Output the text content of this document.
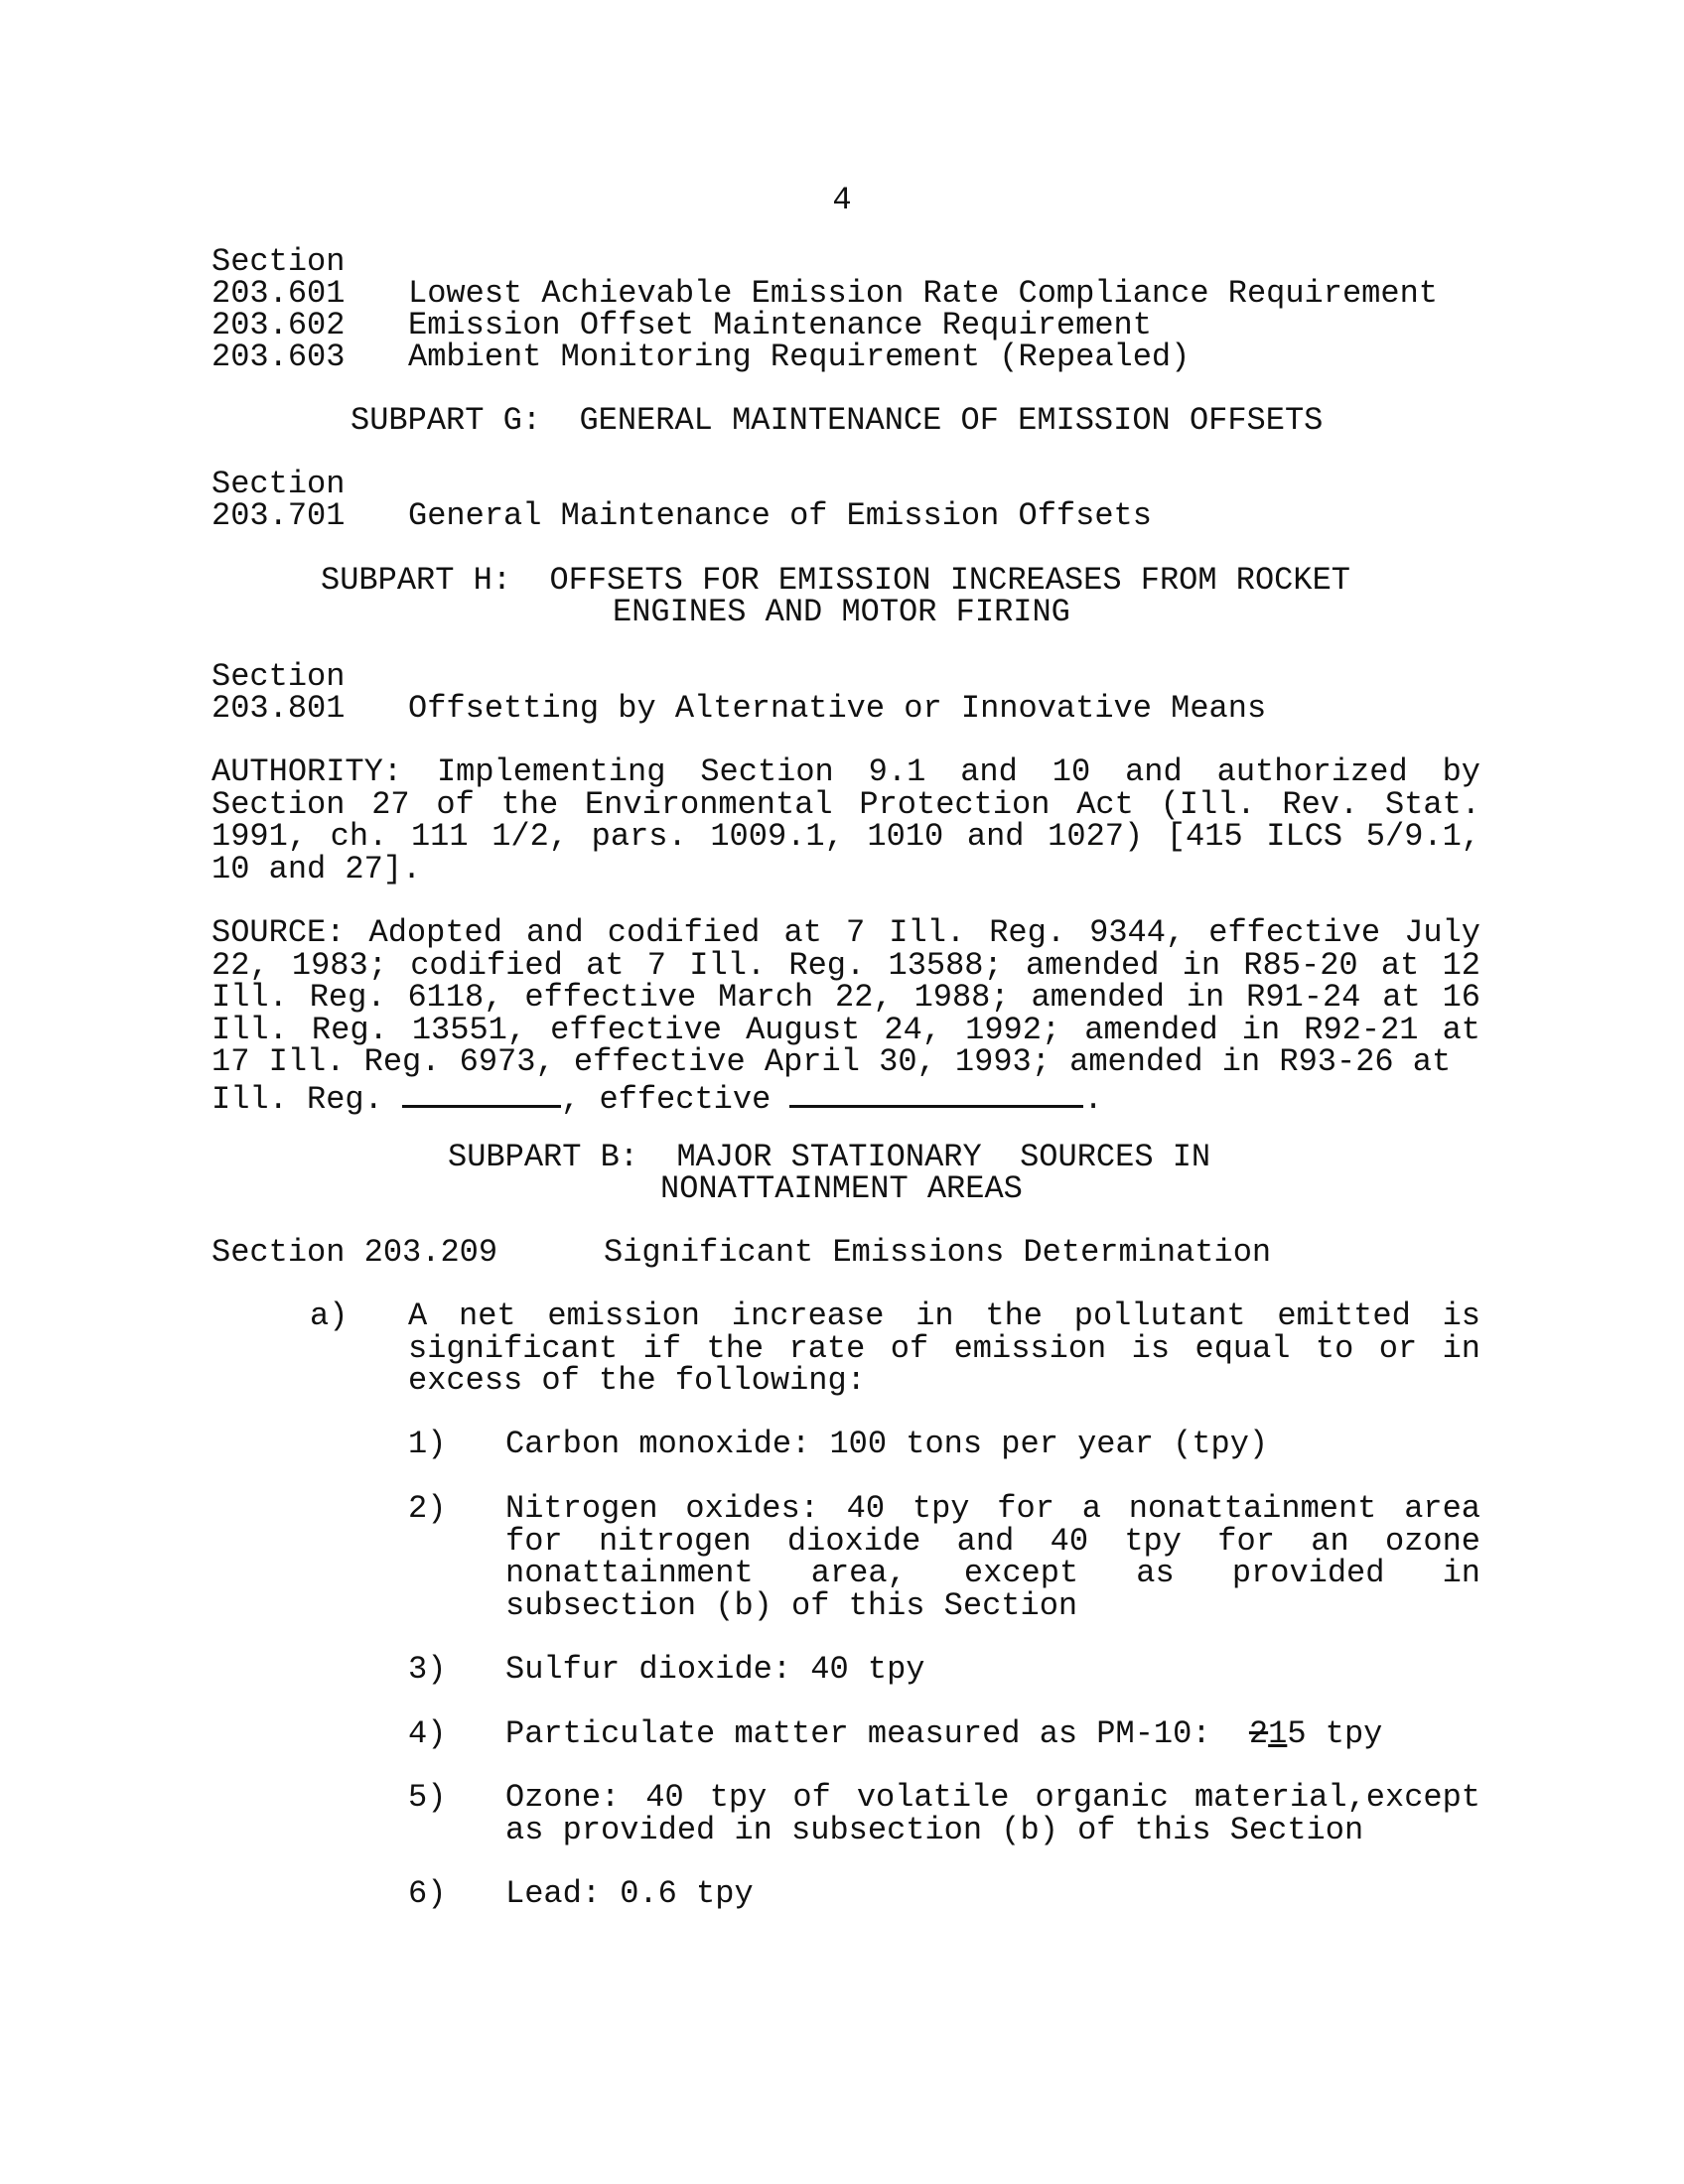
4
Section
203.601 Lowest Achievable Emission Rate Compliance Requirement
203.602 Emission Offset Maintenance Requirement
203.603 Ambient Monitoring Requirement (Repealed)
SUBPART G:  GENERAL MAINTENANCE OF EMISSION OFFSETS
Section
203.701 General Maintenance of Emission Offsets
SUBPART H:  OFFSETS FOR EMISSION INCREASES FROM ROCKET
ENGINES AND MOTOR FIRING
Section
203.801 Offsetting by Alternative or Innovative Means
AUTHORITY: Implementing Section 9.1 and 10 and authorized by Section 27 of the Environmental Protection Act (Ill. Rev. Stat. 1991, ch. 111 1/2, pars. 1009.1, 1010 and 1027) [415 ILCS 5/9.1, 10 and 27].
SOURCE: Adopted and codified at 7 Ill. Reg. 9344, effective July 22, 1983; codified at 7 Ill. Reg. 13588; amended in R85-20 at 12 Ill. Reg. 6118, effective March 22, 1988; amended in R91-24 at 16 Ill. Reg. 13551, effective August 24, 1992; amended in R92-21 at 17 Ill. Reg. 6973, effective April 30, 1993; amended in R93-26 at
Ill. Reg.	, effective	.
SUBPART B:  MAJOR STATIONARY  SOURCES IN
NONATTAINMENT AREAS
Section 203.209	Significant Emissions Determination
a) A net emission increase in the pollutant emitted is significant if the rate of emission is equal to or in excess of the following:
1) Carbon monoxide: 100 tons per year (tpy)
2) Nitrogen oxides: 40 tpy for a nonattainment area for nitrogen dioxide and 40 tpy for an ozone nonattainment area, except as provided in subsection (b) of this Section
3) Sulfur dioxide: 40 tpy
4) Particulate matter measured as PM-10:  215 tpy
5) Ozone: 40 tpy of volatile organic material,except as provided in subsection (b) of this Section
6) Lead: 0.6 tpy
